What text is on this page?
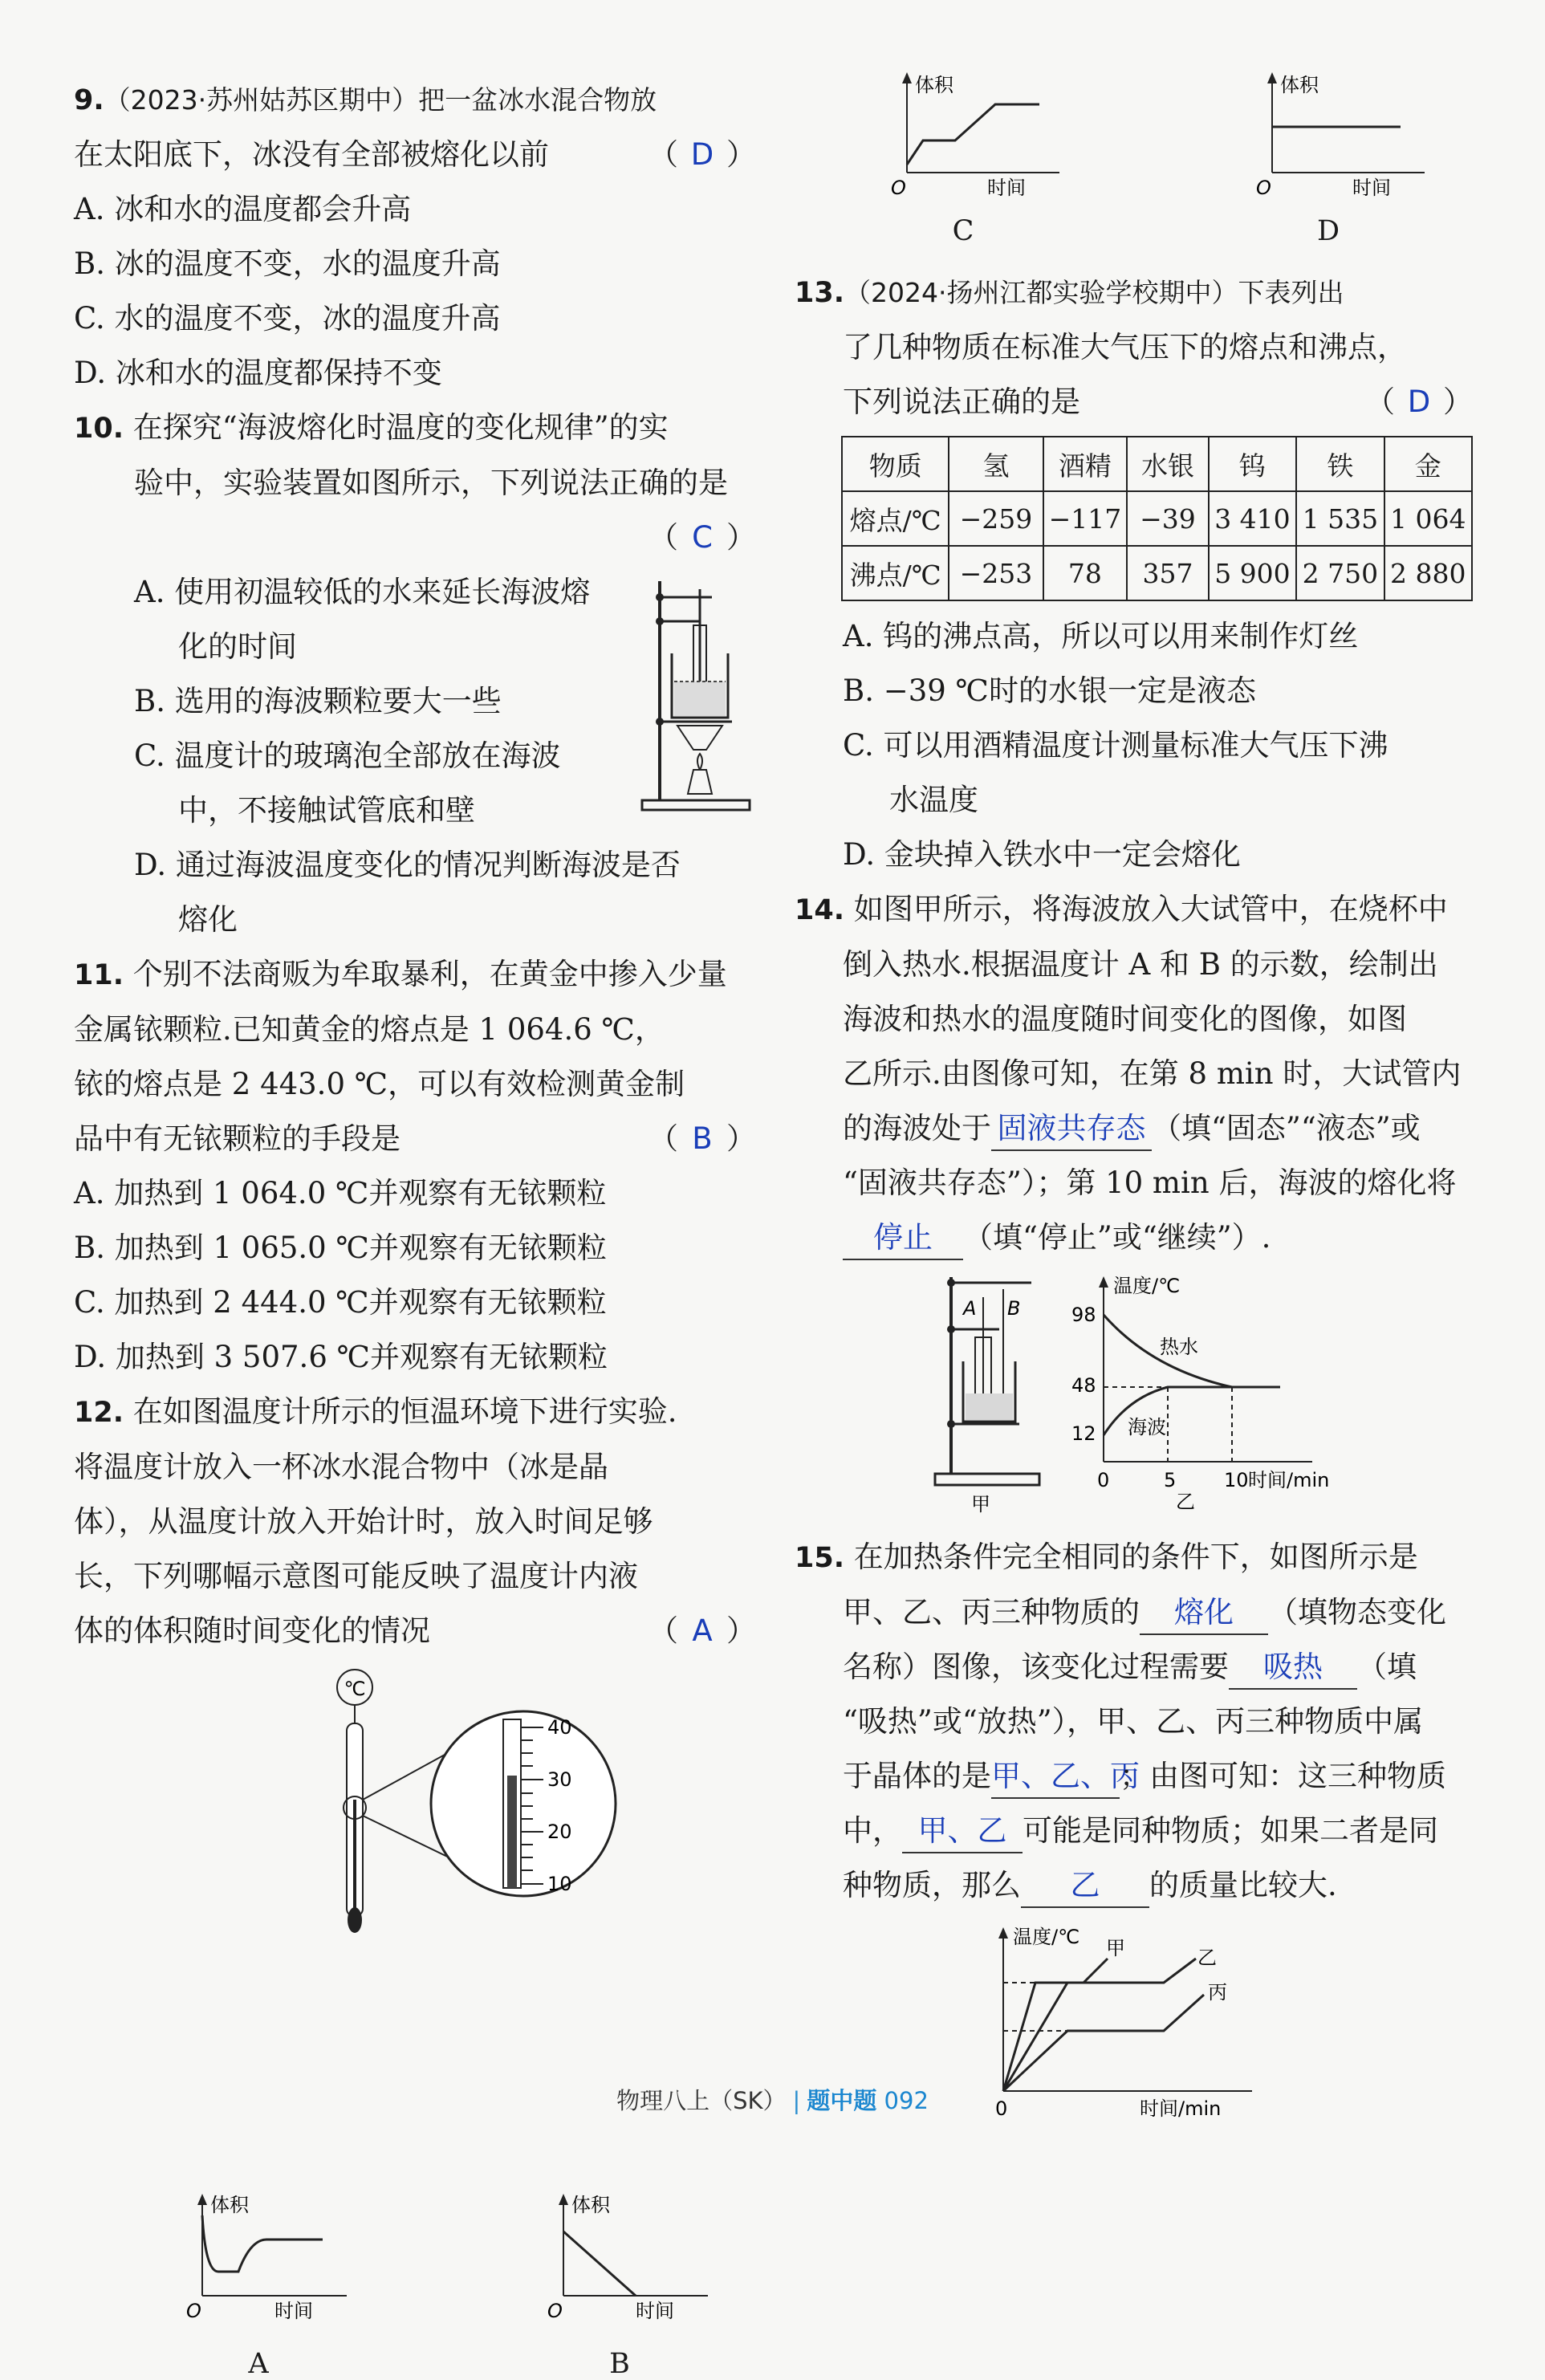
9.（2023·苏州姑苏区期中）把一盆冰水混合物放
在太阳底下，冰没有全部被熔化以前	（ D ）
A. 冰和水的温度都会升高
B. 冰的温度不变，水的温度升高
C. 水的温度不变，冰的温度升高
D. 冰和水的温度都保持不变
10. 在探究“海波熔化时温度的变化规律”的实
验中，实验装置如图所示，下列说法正确的是
（ C ）
A. 使用初温较低的水来延长海波熔
化的时间
B. 选用的海波颗粒要大一些
C. 温度计的玻璃泡全部放在海波
中，不接触试管底和壁
D. 通过海波温度变化的情况判断海波是否
熔化
11. 个别不法商贩为牟取暴利，在黄金中掺入少量
金属铱颗粒.已知黄金的熔点是 1 064.6 ℃，
铱的熔点是 2 443.0 ℃，可以有效检测黄金制
品中有无铱颗粒的手段是	（ B ）
A. 加热到 1 064.0 ℃并观察有无铱颗粒
B. 加热到 1 065.0 ℃并观察有无铱颗粒
C. 加热到 2 444.0 ℃并观察有无铱颗粒
D. 加热到 3 507.6 ℃并观察有无铱颗粒
12. 在如图温度计所示的恒温环境下进行实验.
将温度计放入一杯冰水混合物中（冰是晶
体），从温度计放入开始计时，放入时间足够
长，下列哪幅示意图可能反映了温度计内液
体的体积随时间变化的情况	（ A ）
℃
40
30
20
10
体积
O	时间
A
体积
O	时间
B
体积
O	时间
C
体积
O	时间
D
13.（2024·扬州江都实验学校期中）下表列出
了几种物质在标准大气压下的熔点和沸点，
下列说法正确的是	（ D ）
物质	氢	酒精	水银	钨	铁	金
熔点/℃	−259	−117	−39	3 410	1 535	1 064
沸点/℃	−253	78	357	5 900	2 750	2 880
A. 钨的沸点高，所以可以用来制作灯丝
B. −39 ℃时的水银一定是液态
C. 可以用酒精温度计测量标准大气压下沸
水温度
D. 金块掉入铁水中一定会熔化
14. 如图甲所示，将海波放入大试管中，在烧杯中
倒入热水.根据温度计 A 和 B 的示数，绘制出
海波和热水的温度随时间变化的图像，如图
乙所示.由图像可知，在第 8 min 时，大试管内
的海波处于 固液共存态 （填“固态”“液态”或
“固液共存态”）；第 10 min 后，海波的熔化将
停止 （填“停止”或“继续”）.
A B
甲
温度/℃
98
48
12
0	5 10 时间/min
热水
海波
乙
15. 在加热条件完全相同的条件下，如图所示是
甲、乙、丙三种物质的 熔化 （填物态变化
名称）图像，该变化过程需要 吸热 （填
“吸热”或“放热”），甲、乙、丙三种物质中属
于晶体的是甲、乙、丙；由图可知：这三种物质
中， 甲、乙 可能是同种物质；如果二者是同
种物质，那么 乙 的质量比较大.
温度/℃
0	时间/min
甲	乙
丙
物理八上（SK） | 题中题 092
